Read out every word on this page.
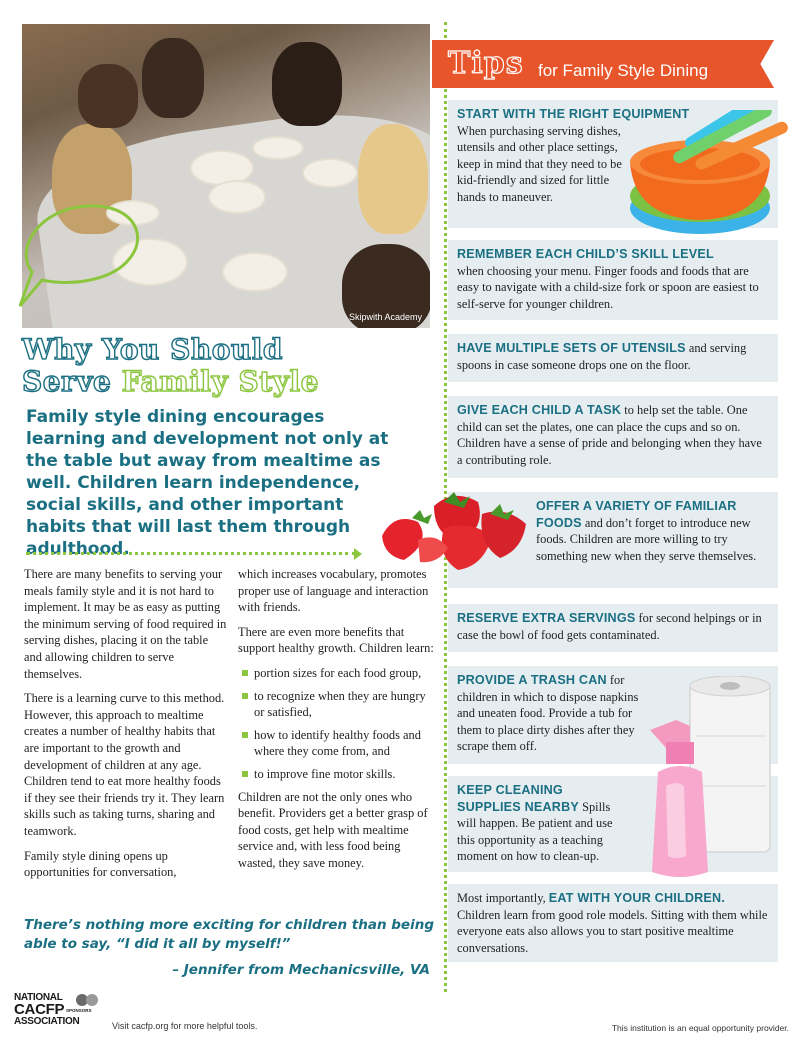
Skipwith Academy
Why You Should
Serve Family Style
Family style dining encourages learning and development not only at the table but away from mealtime as well. Children learn independence, social skills, and other important habits that will last them through adulthood.

There are many benefits to serving your meals family style and it is not hard to implement. It may be as easy as putting the minimum serving of food required in serving dishes, placing it on the table and allowing children to serve themselves.

There is a learning curve to this method. However, this approach to mealtime creates a number of healthy habits that are important to the growth and development of children at any age. Children tend to eat more healthy foods if they see their friends try it. They learn skills such as taking turns, sharing and teamwork.

Family style dining opens up opportunities for conversation,

which increases vocabulary, promotes proper use of language and interaction with friends.

There are even more benefits that support healthy growth. Children learn:

portion sizes for each food group,
to recognize when they are hungry or satisfied,
how to identify healthy foods and where they come from, and
to improve fine motor skills.

Children are not the only ones who benefit. Providers get a better grasp of food costs, get help with mealtime service and, with less food being wasted, they save money.

There’s nothing more exciting for children than being able to say, “I did it all by myself!”
– Jennifer from Mechanicsville, VA
Tips for Family Style Dining
START WITH THE RIGHT EQUIPMENT
When purchasing serving dishes, utensils and other place settings, keep in mind that they need to be kid-friendly and sized for little hands to maneuver.
REMEMBER EACH CHILD’S SKILL LEVEL
when choosing your menu. Finger foods and foods that are easy to navigate with a child-size fork or spoon are easiest to self-serve for younger children.
HAVE MULTIPLE SETS OF UTENSILS and serving spoons in case someone drops one on the floor.
GIVE EACH CHILD A TASK to help set the table. One child can set the plates, one can place the cups and so on. Children have a sense of pride and belonging when they have a contributing role.
OFFER A VARIETY OF FAMILIAR FOODS and don’t forget to introduce new foods. Children are more willing to try something new when they serve themselves.
RESERVE EXTRA SERVINGS for second helpings or in case the bowl of food gets contaminated.
PROVIDE A TRASH CAN for children in which to dispose napkins and uneaten food. Provide a tub for them to place dirty dishes after they scrape them off.
KEEP CLEANING SUPPLIES NEARBY Spills will happen. Be patient and use this opportunity as a teaching moment on how to clean-up.
Most importantly, EAT WITH YOUR CHILDREN. Children learn from good role models. Sitting with them while everyone eats also allows you to start positive mealtime conversations.
NATIONAL
CACFP SPONSORS
ASSOCIATION	Visit cacfp.org for more helpful tools.	This institution is an equal opportunity provider.
